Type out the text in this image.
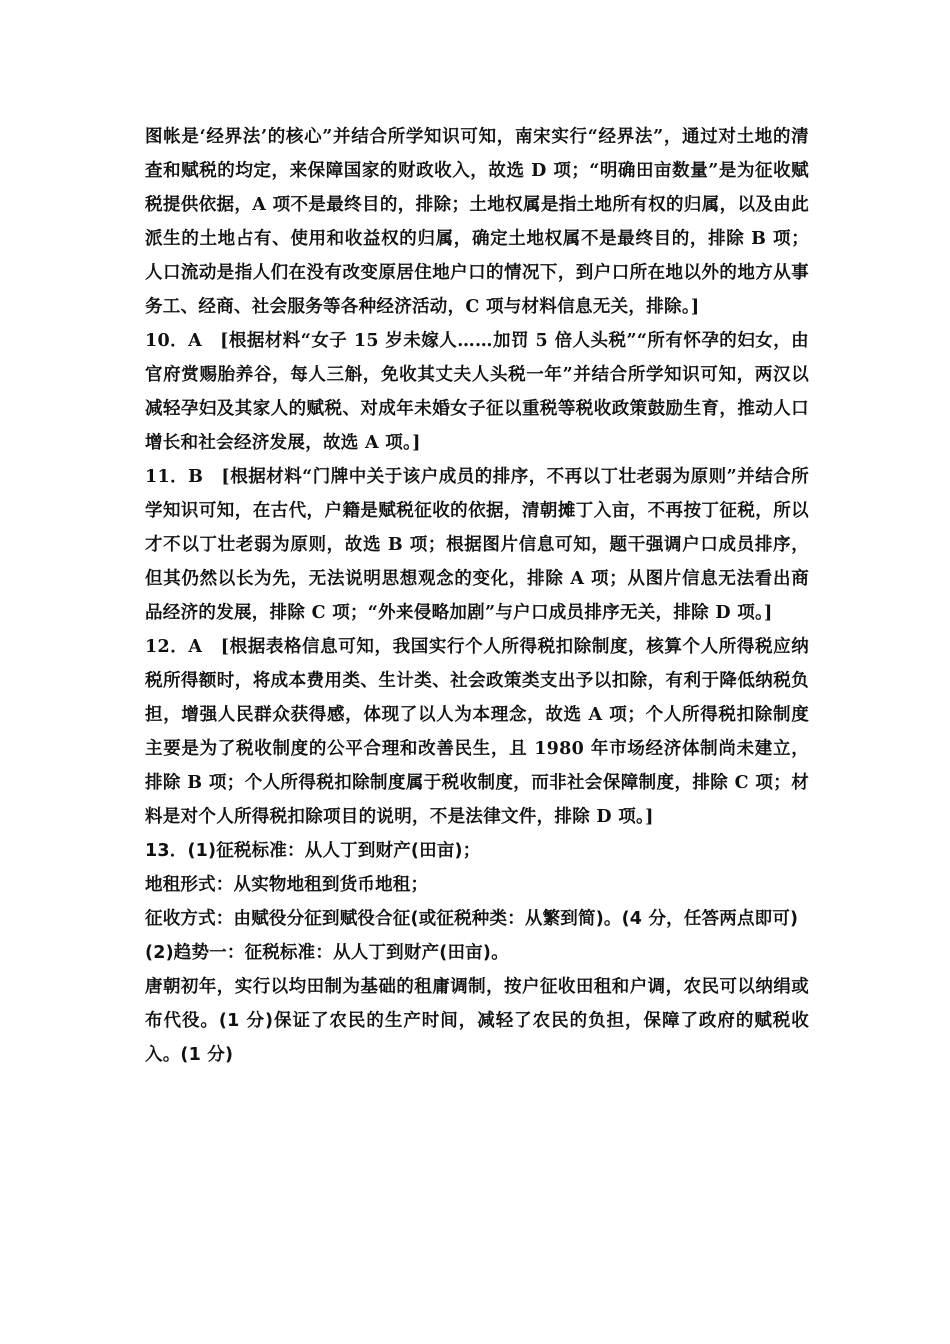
图帐是‘经界法’的核心”并结合所学知识可知，南宋实行“经界法”，通过对土地的清查和赋税的均定，来保障国家的财政收入，故选 D 项；“明确田亩数量”是为征收赋税提供依据，A 项不是最终目的，排除；土地权属是指土地所有权的归属，以及由此派生的土地占有、使用和收益权的归属，确定土地权属不是最终目的，排除 B 项；人口流动是指人们在没有改变原居住地户口的情况下，到户口所在地以外的地方从事务工、经商、社会服务等各种经济活动，C 项与材料信息无关，排除。]

10．A　[根据材料“女子 15 岁未嫁人……加罚 5 倍人头税”“所有怀孕的妇女，由官府赏赐胎养谷，每人三斛，免收其丈夫人头税一年”并结合所学知识可知，两汉以减轻孕妇及其家人的赋税、对成年未婚女子征以重税等税收政策鼓励生育，推动人口增长和社会经济发展，故选 A 项。]

11．B　[根据材料“门牌中关于该户成员的排序，不再以丁壮老弱为原则”并结合所学知识可知，在古代，户籍是赋税征收的依据，清朝摊丁入亩，不再按丁征税，所以才不以丁壮老弱为原则，故选 B 项；根据图片信息可知，题干强调户口成员排序，但其仍然以长为先，无法说明思想观念的变化，排除 A 项；从图片信息无法看出商品经济的发展，排除 C 项；“外来侵略加剧”与户口成员排序无关，排除 D 项。]

12．A　[根据表格信息可知，我国实行个人所得税扣除制度，核算个人所得税应纳税所得额时，将成本费用类、生计类、社会政策类支出予以扣除，有利于降低纳税负担，增强人民群众获得感，体现了以人为本理念，故选 A 项；个人所得税扣除制度主要是为了税收制度的公平合理和改善民生，且 1980 年市场经济体制尚未建立，排除 B 项；个人所得税扣除制度属于税收制度，而非社会保障制度，排除 C 项；材料是对个人所得税扣除项目的说明，不是法律文件，排除 D 项。]

13．(1)征税标准：从人丁到财产(田亩)；

地租形式：从实物地租到货币地租；

征收方式：由赋役分征到赋役合征(或征税种类：从繁到简)。(4 分，任答两点即可)

(2)趋势一：征税标准：从人丁到财产(田亩)。

唐朝初年，实行以均田制为基础的租庸调制，按户征收田租和户调，农民可以纳绢或布代役。(1 分)保证了农民的生产时间，减轻了农民的负担，保障了政府的赋税收入。(1 分)
